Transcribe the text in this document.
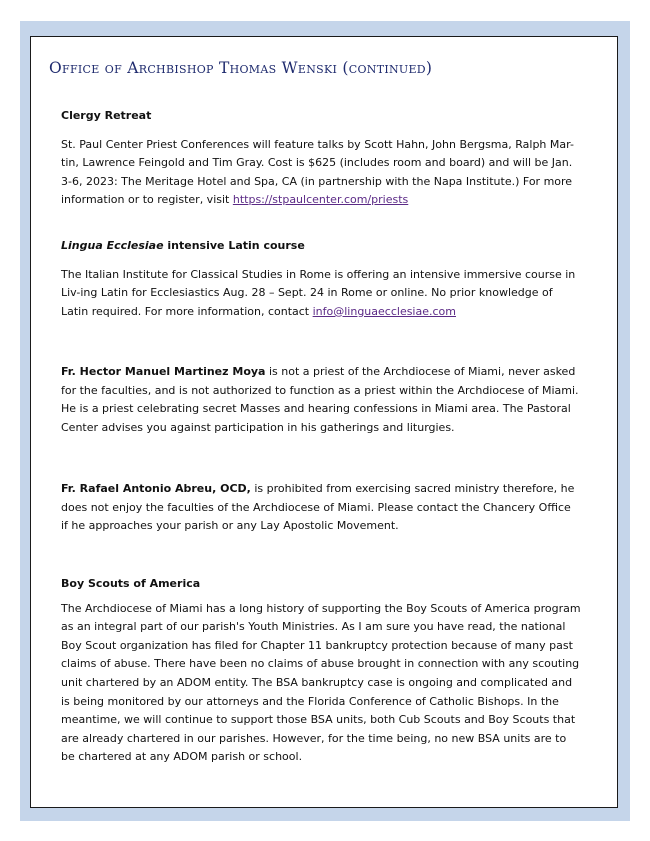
Office of Archbishop Thomas Wenski (continued)

Clergy Retreat

St. Paul Center Priest Conferences will feature talks by Scott Hahn, John Bergsma, Ralph Mar-tin, Lawrence Feingold and Tim Gray. Cost is $625 (includes room and board) and will be Jan. 3-6, 2023: The Meritage Hotel and Spa, CA (in partnership with the Napa Institute.) For more information or to register, visit https://stpaulcenter.com/priests

Lingua Ecclesiae intensive Latin course

The Italian Institute for Classical Studies in Rome is offering an intensive immersive course in Liv-ing Latin for Ecclesiastics Aug. 28 – Sept. 24 in Rome or online. No prior knowledge of Latin required. For more information, contact info@linguaecclesiae.com

Fr. Hector Manuel Martinez Moya is not a priest of the Archdiocese of Miami, never asked for the faculties, and is not authorized to function as a priest within the Archdiocese of Miami. He is a priest celebrating secret Masses and hearing confessions in Miami area. The Pastoral Center advises you against participation in his gatherings and liturgies.

Fr. Rafael Antonio Abreu, OCD, is prohibited from exercising sacred ministry therefore, he does not enjoy the faculties of the Archdiocese of Miami. Please contact the Chancery Office if he approaches your parish or any Lay Apostolic Movement.

Boy Scouts of America

The Archdiocese of Miami has a long history of supporting the Boy Scouts of America program as an integral part of our parish's Youth Ministries. As I am sure you have read, the national Boy Scout organization has filed for Chapter 11 bankruptcy protection because of many past claims of abuse. There have been no claims of abuse brought in connection with any scouting unit chartered by an ADOM entity. The BSA bankruptcy case is ongoing and complicated and is being monitored by our attorneys and the Florida Conference of Catholic Bishops. In the meantime, we will continue to support those BSA units, both Cub Scouts and Boy Scouts that are already chartered in our parishes. However, for the time being, no new BSA units are to be chartered at any ADOM parish or school.
